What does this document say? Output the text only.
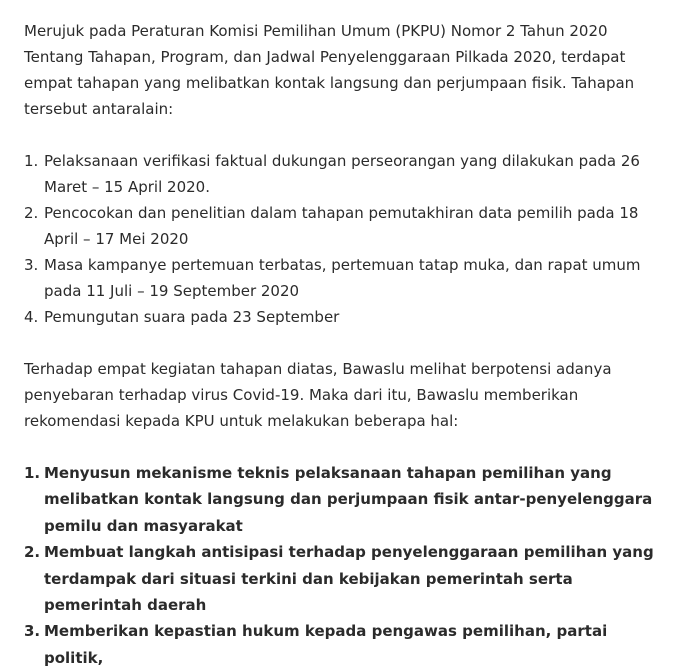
Merujuk pada Peraturan Komisi Pemilihan Umum (PKPU) Nomor 2 Tahun 2020 Tentang Tahapan, Program, dan Jadwal Penyelenggaraan Pilkada 2020, terdapat empat tahapan yang melibatkan kontak langsung dan perjumpaan fisik. Tahapan tersebut antaralain:

1. Pelaksanaan verifikasi faktual dukungan perseorangan yang dilakukan pada 26 Maret – 15 April 2020.
2. Pencocokan dan penelitian dalam tahapan pemutakhiran data pemilih pada 18 April – 17 Mei 2020
3. Masa kampanye pertemuan terbatas, pertemuan tatap muka, dan rapat umum pada 11 Juli – 19 September 2020
4. Pemungutan suara pada 23 September

Terhadap empat kegiatan tahapan diatas, Bawaslu melihat berpotensi adanya penyebaran terhadap virus Covid-19. Maka dari itu, Bawaslu memberikan rekomendasi kepada KPU untuk melakukan beberapa hal:

1. Menyusun mekanisme teknis pelaksanaan tahapan pemilihan yang melibatkan kontak langsung dan perjumpaan fisik antar-penyelenggara pemilu dan masyarakat
2. Membuat langkah antisipasi terhadap penyelenggaraan pemilihan yang terdampak dari situasi terkini dan kebijakan pemerintah serta pemerintah daerah
3. Memberikan kepastian hukum kepada pengawas pemilihan, partai politik,
